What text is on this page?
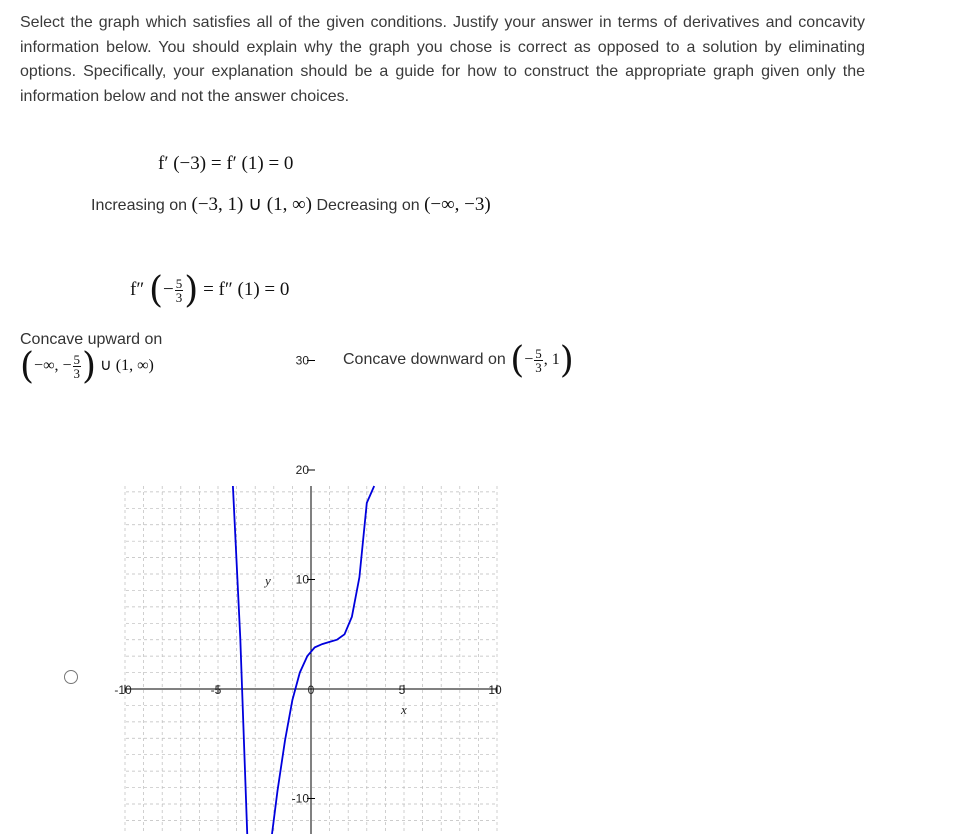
Select the graph which satisfies all of the given conditions. Justify your answer in terms of derivatives and concavity information below. You should explain why the graph you chose is correct as opposed to a solution by eliminating options. Specifically, your explanation should be a guide for how to construct the appropriate graph given only the information below and not the answer choices.
f′ (−3) = f′ (1) = 0
Increasing on (−3, 1) ∪ (1, ∞) Decreasing on (−∞, −3)
f″ (− $\frac{5}{3}$ ) = f″ (1) = 0
Concave upward on
(−∞, − $\frac{5}{3}$ ) ∪ (1, ∞)	Concave downward on (− $\frac{5}{3}$ , 1)
-10	-5	0	5	10
30
20
10
-10
x
y
